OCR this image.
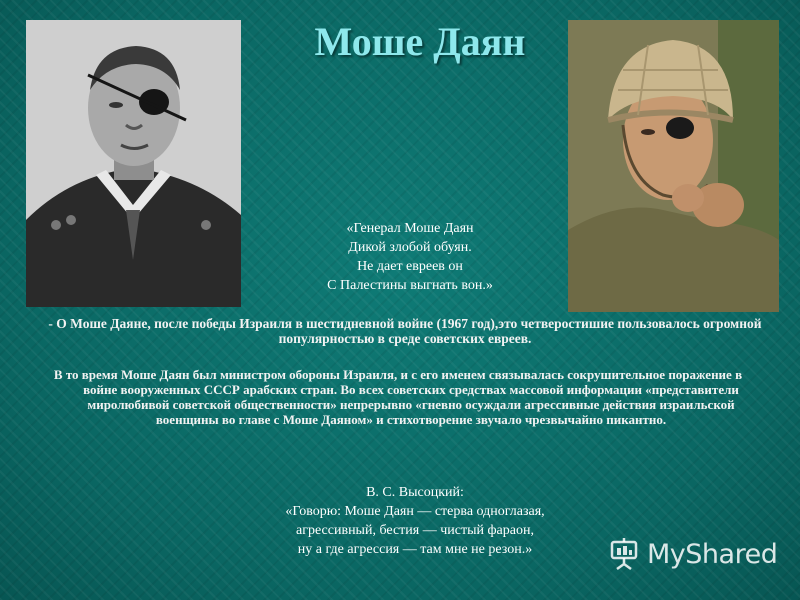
Моше Даян
«Генерал Моше Даян
Дикой злобой обуян.
Не дает евреев он
С Палестины выгнать вон.»
- О Моше Даяне, после победы Израиля в шестидневной войне (1967 год),это четверостишие пользовалось огромной популярностью в среде советских евреев.
В то время Моше Даян был министром обороны Израиля, и с его именем связывалась сокрушительное поражение в войне вооруженных СССР арабских стран. Во всех советских средствах массовой информации «представители миролюбивой советской общественности» непрерывно «гневно осуждали агрессивные действия израильской военщины во главе с Моше Даяном» и стихотворение звучало чрезвычайно пикантно.
В. С. Высоцкий:
«Говорю: Моше Даян — стерва одноглазая,
агрессивный, бестия — чистый фараон,
ну а где агрессия — там мне не резон.»	MyShared
